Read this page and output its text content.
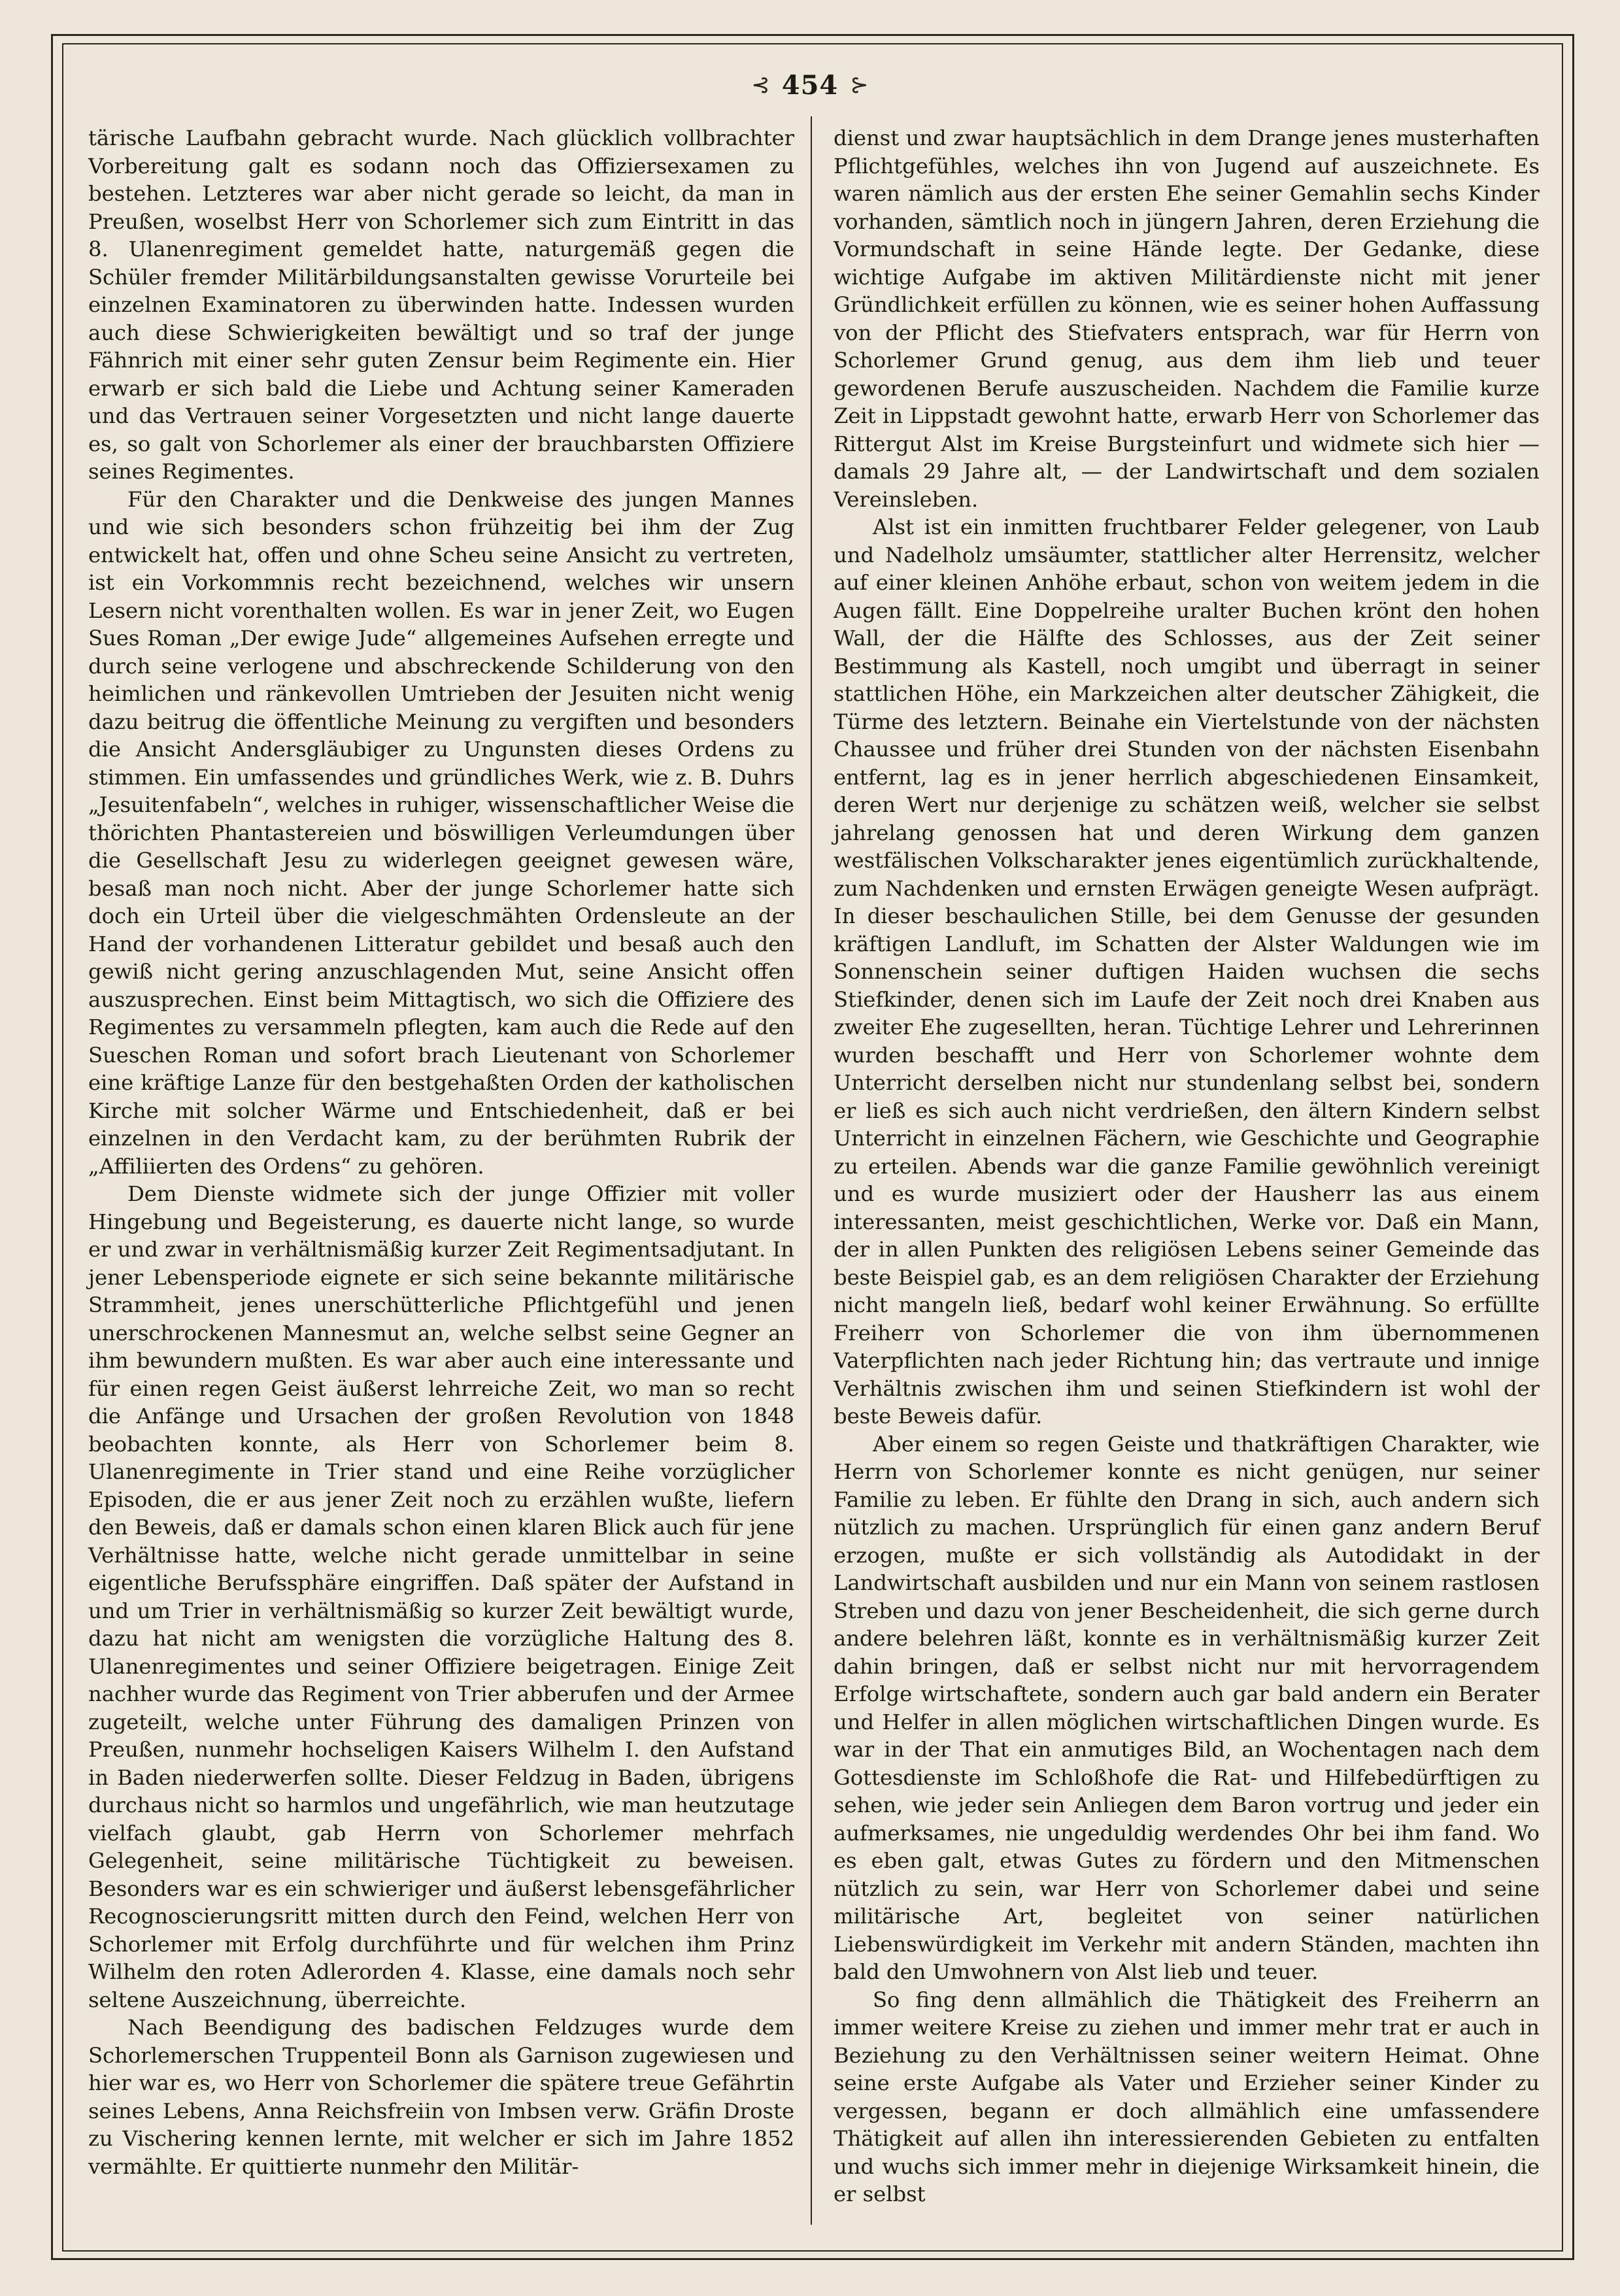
⊰ 454 ⊱

tärische Laufbahn gebracht wurde. Nach glücklich vollbrachter Vorbereitung galt es sodann noch das Offiziersexamen zu bestehen. Letzteres war aber nicht gerade so leicht, da man in Preußen, woselbst Herr von Schorlemer sich zum Eintritt in das 8. Ulanenregiment gemeldet hatte, naturgemäß gegen die Schüler fremder Militärbildungsanstalten gewisse Vorurteile bei einzelnen Examinatoren zu überwinden hatte. Indessen wurden auch diese Schwierigkeiten bewältigt und so traf der junge Fähnrich mit einer sehr guten Zensur beim Regimente ein. Hier erwarb er sich bald die Liebe und Achtung seiner Kameraden und das Vertrauen seiner Vorgesetzten und nicht lange dauerte es, so galt von Schorlemer als einer der brauchbarsten Offiziere seines Regimentes.

Für den Charakter und die Denkweise des jungen Mannes und wie sich besonders schon frühzeitig bei ihm der Zug entwickelt hat, offen und ohne Scheu seine Ansicht zu vertreten, ist ein Vorkommnis recht bezeichnend, welches wir unsern Lesern nicht vorenthalten wollen. Es war in jener Zeit, wo Eugen Sues Roman „Der ewige Jude“ allgemeines Aufsehen erregte und durch seine verlogene und abschreckende Schilderung von den heimlichen und ränkevollen Umtrieben der Jesuiten nicht wenig dazu beitrug die öffentliche Meinung zu vergiften und besonders die Ansicht Andersgläubiger zu Ungunsten dieses Ordens zu stimmen. Ein umfassendes und gründliches Werk, wie z. B. Duhrs „Jesuitenfabeln“, welches in ruhiger, wissenschaftlicher Weise die thörichten Phantastereien und böswilligen Verleumdungen über die Gesellschaft Jesu zu widerlegen geeignet gewesen wäre, besaß man noch nicht. Aber der junge Schorlemer hatte sich doch ein Urteil über die vielgeschmähten Ordensleute an der Hand der vorhandenen Litteratur gebildet und besaß auch den gewiß nicht gering anzuschlagenden Mut, seine Ansicht offen auszusprechen. Einst beim Mittagtisch, wo sich die Offiziere des Regimentes zu versammeln pflegten, kam auch die Rede auf den Sueschen Roman und sofort brach Lieutenant von Schorlemer eine kräftige Lanze für den bestgehaßten Orden der katholischen Kirche mit solcher Wärme und Entschiedenheit, daß er bei einzelnen in den Verdacht kam, zu der berühmten Rubrik der „Affiliierten des Ordens“ zu gehören.

Dem Dienste widmete sich der junge Offizier mit voller Hingebung und Begeisterung, es dauerte nicht lange, so wurde er und zwar in verhältnismäßig kurzer Zeit Regimentsadjutant. In jener Lebensperiode eignete er sich seine bekannte militärische Strammheit, jenes unerschütterliche Pflichtgefühl und jenen unerschrockenen Mannesmut an, welche selbst seine Gegner an ihm bewundern mußten. Es war aber auch eine interessante und für einen regen Geist äußerst lehrreiche Zeit, wo man so recht die Anfänge und Ursachen der großen Revolution von 1848 beobachten konnte, als Herr von Schorlemer beim 8. Ulanenregimente in Trier stand und eine Reihe vorzüglicher Episoden, die er aus jener Zeit noch zu erzählen wußte, liefern den Beweis, daß er damals schon einen klaren Blick auch für jene Verhältnisse hatte, welche nicht gerade unmittelbar in seine eigentliche Berufssphäre eingriffen. Daß später der Aufstand in und um Trier in verhältnismäßig so kurzer Zeit bewältigt wurde, dazu hat nicht am wenigsten die vorzügliche Haltung des 8. Ulanenregimentes und seiner Offiziere beigetragen. Einige Zeit nachher wurde das Regiment von Trier abberufen und der Armee zugeteilt, welche unter Führung des damaligen Prinzen von Preußen, nunmehr hochseligen Kaisers Wilhelm I. den Aufstand in Baden niederwerfen sollte. Dieser Feldzug in Baden, übrigens durchaus nicht so harmlos und ungefährlich, wie man heutzutage vielfach glaubt, gab Herrn von Schorlemer mehrfach Gelegenheit, seine militärische Tüchtigkeit zu beweisen. Besonders war es ein schwieriger und äußerst lebensgefährlicher Recognoscierungsritt mitten durch den Feind, welchen Herr von Schorlemer mit Erfolg durchführte und für welchen ihm Prinz Wilhelm den roten Adlerorden 4. Klasse, eine damals noch sehr seltene Auszeichnung, überreichte.

Nach Beendigung des badischen Feldzuges wurde dem Schorlemerschen Truppenteil Bonn als Garnison zugewiesen und hier war es, wo Herr von Schorlemer die spätere treue Gefährtin seines Lebens, Anna Reichsfreiin von Imbsen verw. Gräfin Droste zu Vischering kennen lernte, mit welcher er sich im Jahre 1852 vermählte. Er quittierte nunmehr den Militär-

dienst und zwar hauptsächlich in dem Drange jenes musterhaften Pflichtgefühles, welches ihn von Jugend auf auszeichnete. Es waren nämlich aus der ersten Ehe seiner Gemahlin sechs Kinder vorhanden, sämtlich noch in jüngern Jahren, deren Erziehung die Vormundschaft in seine Hände legte. Der Gedanke, diese wichtige Aufgabe im aktiven Militärdienste nicht mit jener Gründlichkeit erfüllen zu können, wie es seiner hohen Auffassung von der Pflicht des Stiefvaters entsprach, war für Herrn von Schorlemer Grund genug, aus dem ihm lieb und teuer gewordenen Berufe auszuscheiden. Nachdem die Familie kurze Zeit in Lippstadt gewohnt hatte, erwarb Herr von Schorlemer das Rittergut Alst im Kreise Burgsteinfurt und widmete sich hier — damals 29 Jahre alt, — der Landwirtschaft und dem sozialen Vereinsleben.

Alst ist ein inmitten fruchtbarer Felder gelegener, von Laub und Nadelholz umsäumter, stattlicher alter Herrensitz, welcher auf einer kleinen Anhöhe erbaut, schon von weitem jedem in die Augen fällt. Eine Doppelreihe uralter Buchen krönt den hohen Wall, der die Hälfte des Schlosses, aus der Zeit seiner Bestimmung als Kastell, noch umgibt und überragt in seiner stattlichen Höhe, ein Markzeichen alter deutscher Zähigkeit, die Türme des letztern. Beinahe ein Viertelstunde von der nächsten Chaussee und früher drei Stunden von der nächsten Eisenbahn entfernt, lag es in jener herrlich abgeschiedenen Einsamkeit, deren Wert nur derjenige zu schätzen weiß, welcher sie selbst jahrelang genossen hat und deren Wirkung dem ganzen westfälischen Volkscharakter jenes eigentümlich zurückhaltende, zum Nachdenken und ernsten Erwägen geneigte Wesen aufprägt. In dieser beschaulichen Stille, bei dem Genusse der gesunden kräftigen Landluft, im Schatten der Alster Waldungen wie im Sonnenschein seiner duftigen Haiden wuchsen die sechs Stiefkinder, denen sich im Laufe der Zeit noch drei Knaben aus zweiter Ehe zugesellten, heran. Tüchtige Lehrer und Lehrerinnen wurden beschafft und Herr von Schorlemer wohnte dem Unterricht derselben nicht nur stundenlang selbst bei, sondern er ließ es sich auch nicht verdrießen, den ältern Kindern selbst Unterricht in einzelnen Fächern, wie Geschichte und Geographie zu erteilen. Abends war die ganze Familie gewöhnlich vereinigt und es wurde musiziert oder der Hausherr las aus einem interessanten, meist geschichtlichen, Werke vor. Daß ein Mann, der in allen Punkten des religiösen Lebens seiner Gemeinde das beste Beispiel gab, es an dem religiösen Charakter der Erziehung nicht mangeln ließ, bedarf wohl keiner Erwähnung. So erfüllte Freiherr von Schorlemer die von ihm übernommenen Vaterpflichten nach jeder Richtung hin; das vertraute und innige Verhältnis zwischen ihm und seinen Stiefkindern ist wohl der beste Beweis dafür.

Aber einem so regen Geiste und thatkräftigen Charakter, wie Herrn von Schorlemer konnte es nicht genügen, nur seiner Familie zu leben. Er fühlte den Drang in sich, auch andern sich nützlich zu machen. Ursprünglich für einen ganz andern Beruf erzogen, mußte er sich vollständig als Autodidakt in der Landwirtschaft ausbilden und nur ein Mann von seinem rastlosen Streben und dazu von jener Bescheidenheit, die sich gerne durch andere belehren läßt, konnte es in verhältnismäßig kurzer Zeit dahin bringen, daß er selbst nicht nur mit hervorragendem Erfolge wirtschaftete, sondern auch gar bald andern ein Berater und Helfer in allen möglichen wirtschaftlichen Dingen wurde. Es war in der That ein anmutiges Bild, an Wochentagen nach dem Gottesdienste im Schloßhofe die Rat- und Hilfebedürftigen zu sehen, wie jeder sein Anliegen dem Baron vortrug und jeder ein aufmerksames, nie ungeduldig werdendes Ohr bei ihm fand. Wo es eben galt, etwas Gutes zu fördern und den Mitmenschen nützlich zu sein, war Herr von Schorlemer dabei und seine militärische Art, begleitet von seiner natürlichen Liebenswürdigkeit im Verkehr mit andern Ständen, machten ihn bald den Umwohnern von Alst lieb und teuer.

So fing denn allmählich die Thätigkeit des Freiherrn an immer weitere Kreise zu ziehen und immer mehr trat er auch in Beziehung zu den Verhältnissen seiner weitern Heimat. Ohne seine erste Aufgabe als Vater und Erzieher seiner Kinder zu vergessen, begann er doch allmählich eine umfassendere Thätigkeit auf allen ihn interessierenden Gebieten zu entfalten und wuchs sich immer mehr in diejenige Wirksamkeit hinein, die er selbst
